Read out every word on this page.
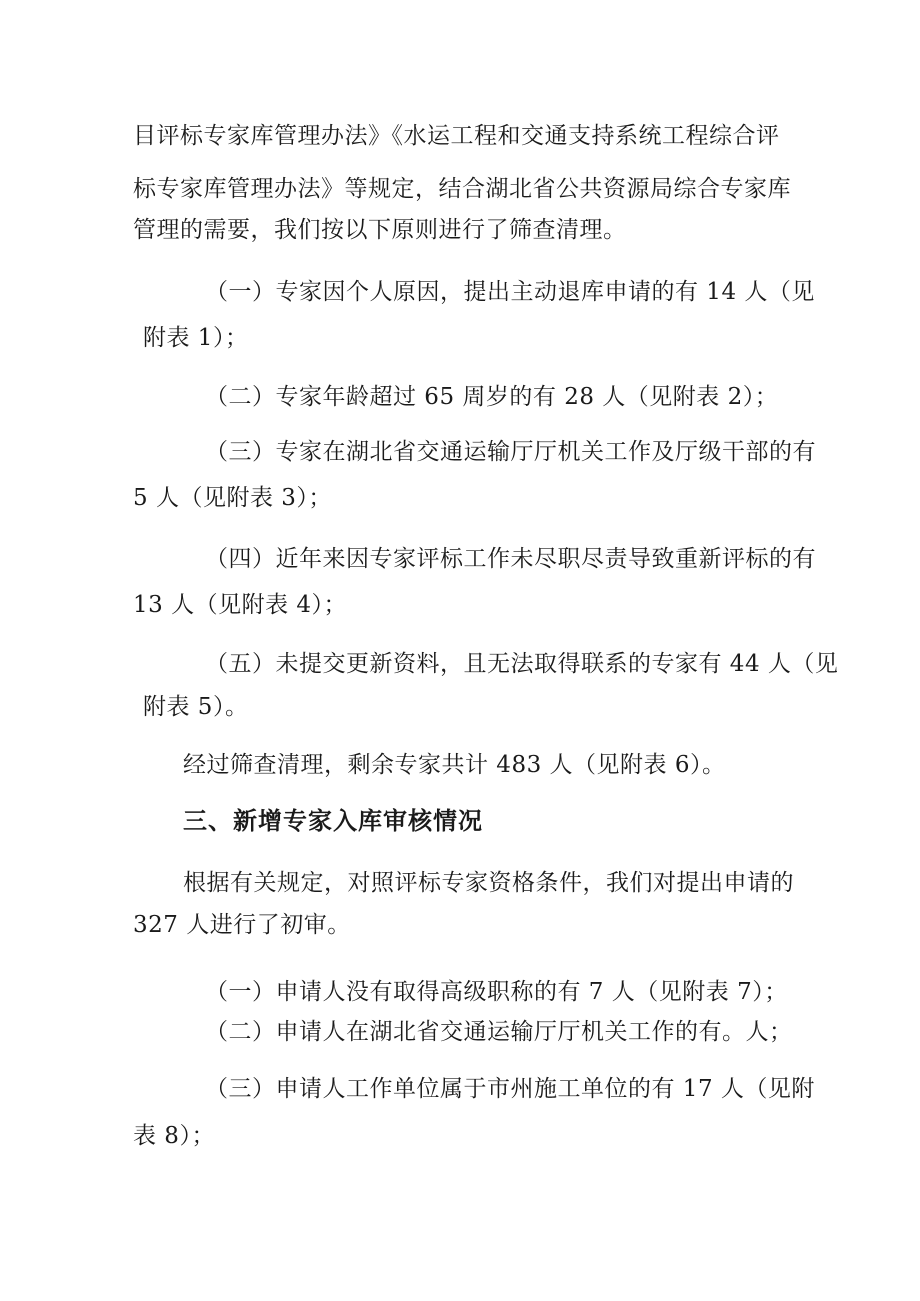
目评标专家库管理办法》《水运工程和交通支持系统工程综合评
标专家库管理办法》等规定，结合湖北省公共资源局综合专家库
管理的需要，我们按以下原则进行了筛查清理。
（一）专家因个人原因，提出主动退库申请的有 14 人（见
附表 1）；
（二）专家年龄超过 65 周岁的有 28 人（见附表 2）；
（三）专家在湖北省交通运输厅厅机关工作及厅级干部的有
5 人（见附表 3）；
（四）近年来因专家评标工作未尽职尽责导致重新评标的有
13 人（见附表 4）；
（五）未提交更新资料，且无法取得联系的专家有 44 人（见
附表 5）。
经过筛查清理，剩余专家共计 483 人（见附表 6）。
三、新增专家入库审核情况
根据有关规定，对照评标专家资格条件，我们对提出申请的
327 人进行了初审。
（一）申请人没有取得高级职称的有 7 人（见附表 7）；
（二）申请人在湖北省交通运输厅厅机关工作的有。人；
（三）申请人工作单位属于市州施工单位的有 17 人（见附
表 8）；
